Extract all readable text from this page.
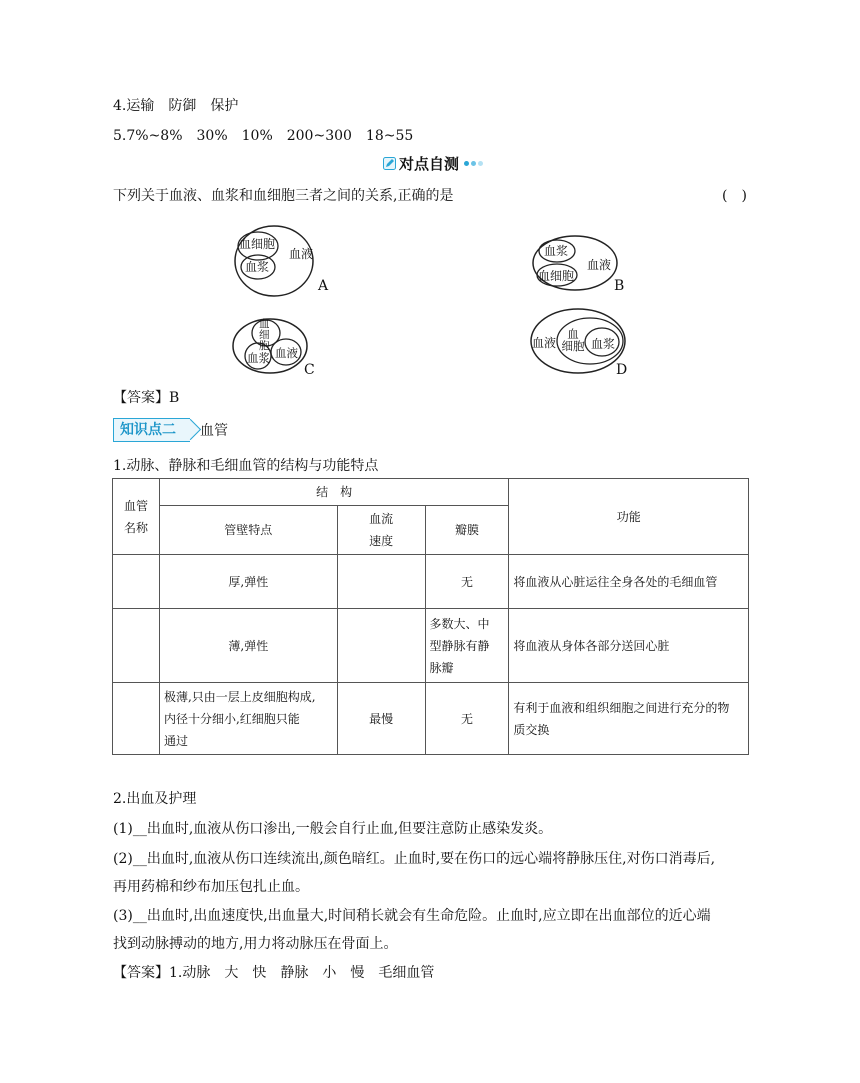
4.运输　防御　保护
5.7%~8%　30%　10%　200~300　18~55
对点自测
下列关于血液、血浆和血细胞三者之间的关系,正确的是	(　)
血细胞
血浆
血液
A
血浆
血细胞
血液
B
血
细
胞
血浆 血液
C
血液
血
细胞 血浆
D
【答案】B
知识点二	血管
1.动脉、静脉和毛细血管的结构与功能特点
血管
名称	结　构			功能
	管壁特点	血流
速度	瓣膜	
	厚,弹性		无	将血液从心脏运往全身各处的毛细血管
	薄,弹性		多数大、中
型静脉有静
脉瓣	将血液从身体各部分送回心脏
	极薄,只由一层上皮细胞构成,
内径十分细小,红细胞只能
通过	最慢	无	有利于血液和组织细胞之间进行充分的物
质交换
2.出血及护理
(1)__出血时,血液从伤口渗出,一般会自行止血,但要注意防止感染发炎。
(2)__出血时,血液从伤口连续流出,颜色暗红。止血时,要在伤口的远心端将静脉压住,对伤口消毒后,
再用药棉和纱布加压包扎止血。
(3)__出血时,出血速度快,出血量大,时间稍长就会有生命危险。止血时,应立即在出血部位的近心端
找到动脉搏动的地方,用力将动脉压在骨面上。
【答案】1.动脉　大　快　静脉　小　慢　毛细血管
